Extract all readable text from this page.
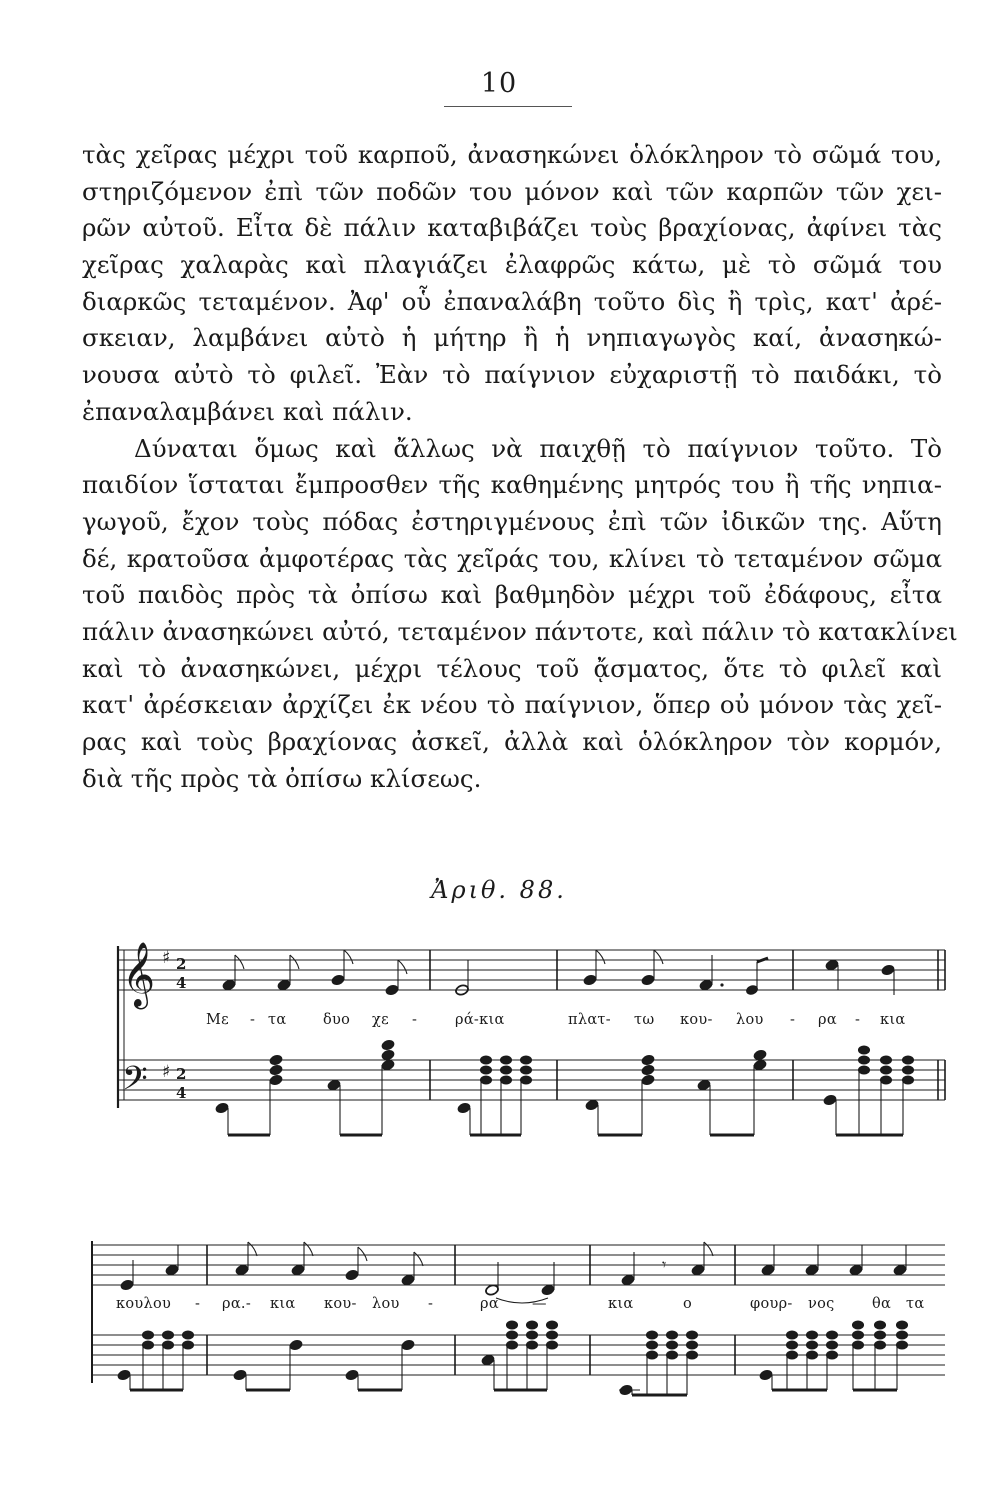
10
τὰς χεῖρας μέχρι τοῦ καρποῦ, ἀνασηκώνει ὁλόκληρον τὸ σῶμά του,
στηριζόμενον ἐπὶ τῶν ποδῶν του μόνον καὶ τῶν καρπῶν τῶν χει-
ρῶν αὐτοῦ. Εἶτα δὲ πάλιν καταβιβάζει τοὺς βραχίονας, ἀφίνει τὰς
χεῖρας χαλαρὰς καὶ πλαγιάζει ἐλαφρῶς κάτω, μὲ τὸ σῶμά του
διαρκῶς τεταμένον. Ἀφ' οὗ ἐπαναλάβη τοῦτο δὶς ἢ τρὶς, κατ' ἀρέ-
σκειαν, λαμβάνει αὐτὸ ἡ μήτηρ ἢ ἡ νηπιαγωγὸς καί, ἀνασηκώ-
νουσα αὐτὸ τὸ φιλεῖ. Ἐὰν τὸ παίγνιον εὐχαριστῇ τὸ παιδάκι, τὸ
ἐπαναλαμβάνει καὶ πάλιν.
Δύναται ὅμως καὶ ἄλλως νὰ παιχθῇ τὸ παίγνιον τοῦτο. Τὸ
παιδίον ἵσταται ἔμπροσθεν τῆς καθημένης μητρός του ἢ τῆς νηπια-
γωγοῦ, ἔχον τοὺς πόδας ἐστηριγμένους ἐπὶ τῶν ἰδικῶν της. Αὕτη
δέ, κρατοῦσα ἀμφοτέρας τὰς χεῖράς του, κλίνει τὸ τεταμένον σῶμα
τοῦ παιδὸς πρὸς τὰ ὀπίσω καὶ βαθμηδὸν μέχρι τοῦ ἐδάφους, εἶτα
πάλιν ἀνασηκώνει αὐτό, τεταμένον πάντοτε, καὶ πάλιν τὸ κατακλίνει
καὶ τὸ ἀνασηκώνει, μέχρι τέλους τοῦ ᾄσματος, ὅτε τὸ φιλεῖ καὶ
κατ' ἀρέσκειαν ἀρχίζει ἐκ νέου τὸ παίγνιον, ὅπερ οὐ μόνον τὰς χεῖ-
ρας καὶ τοὺς βραχίονας ἀσκεῖ, ἀλλὰ καὶ ὁλόκληρον τὸν κορμόν,
διὰ τῆς πρὸς τὰ ὀπίσω κλίσεως.
Ἀριθ. 88.
𝄞
𝄢
♯
♯
2
4
2
4
𝄾
Με - τα	δυο χε -	ρά-κια	πλατ- τω κου- λου - ρα - κια
κουλου - ρα.- κια κου- λου -	ρα —	κια	ο	φουρ- νος	θα τα
